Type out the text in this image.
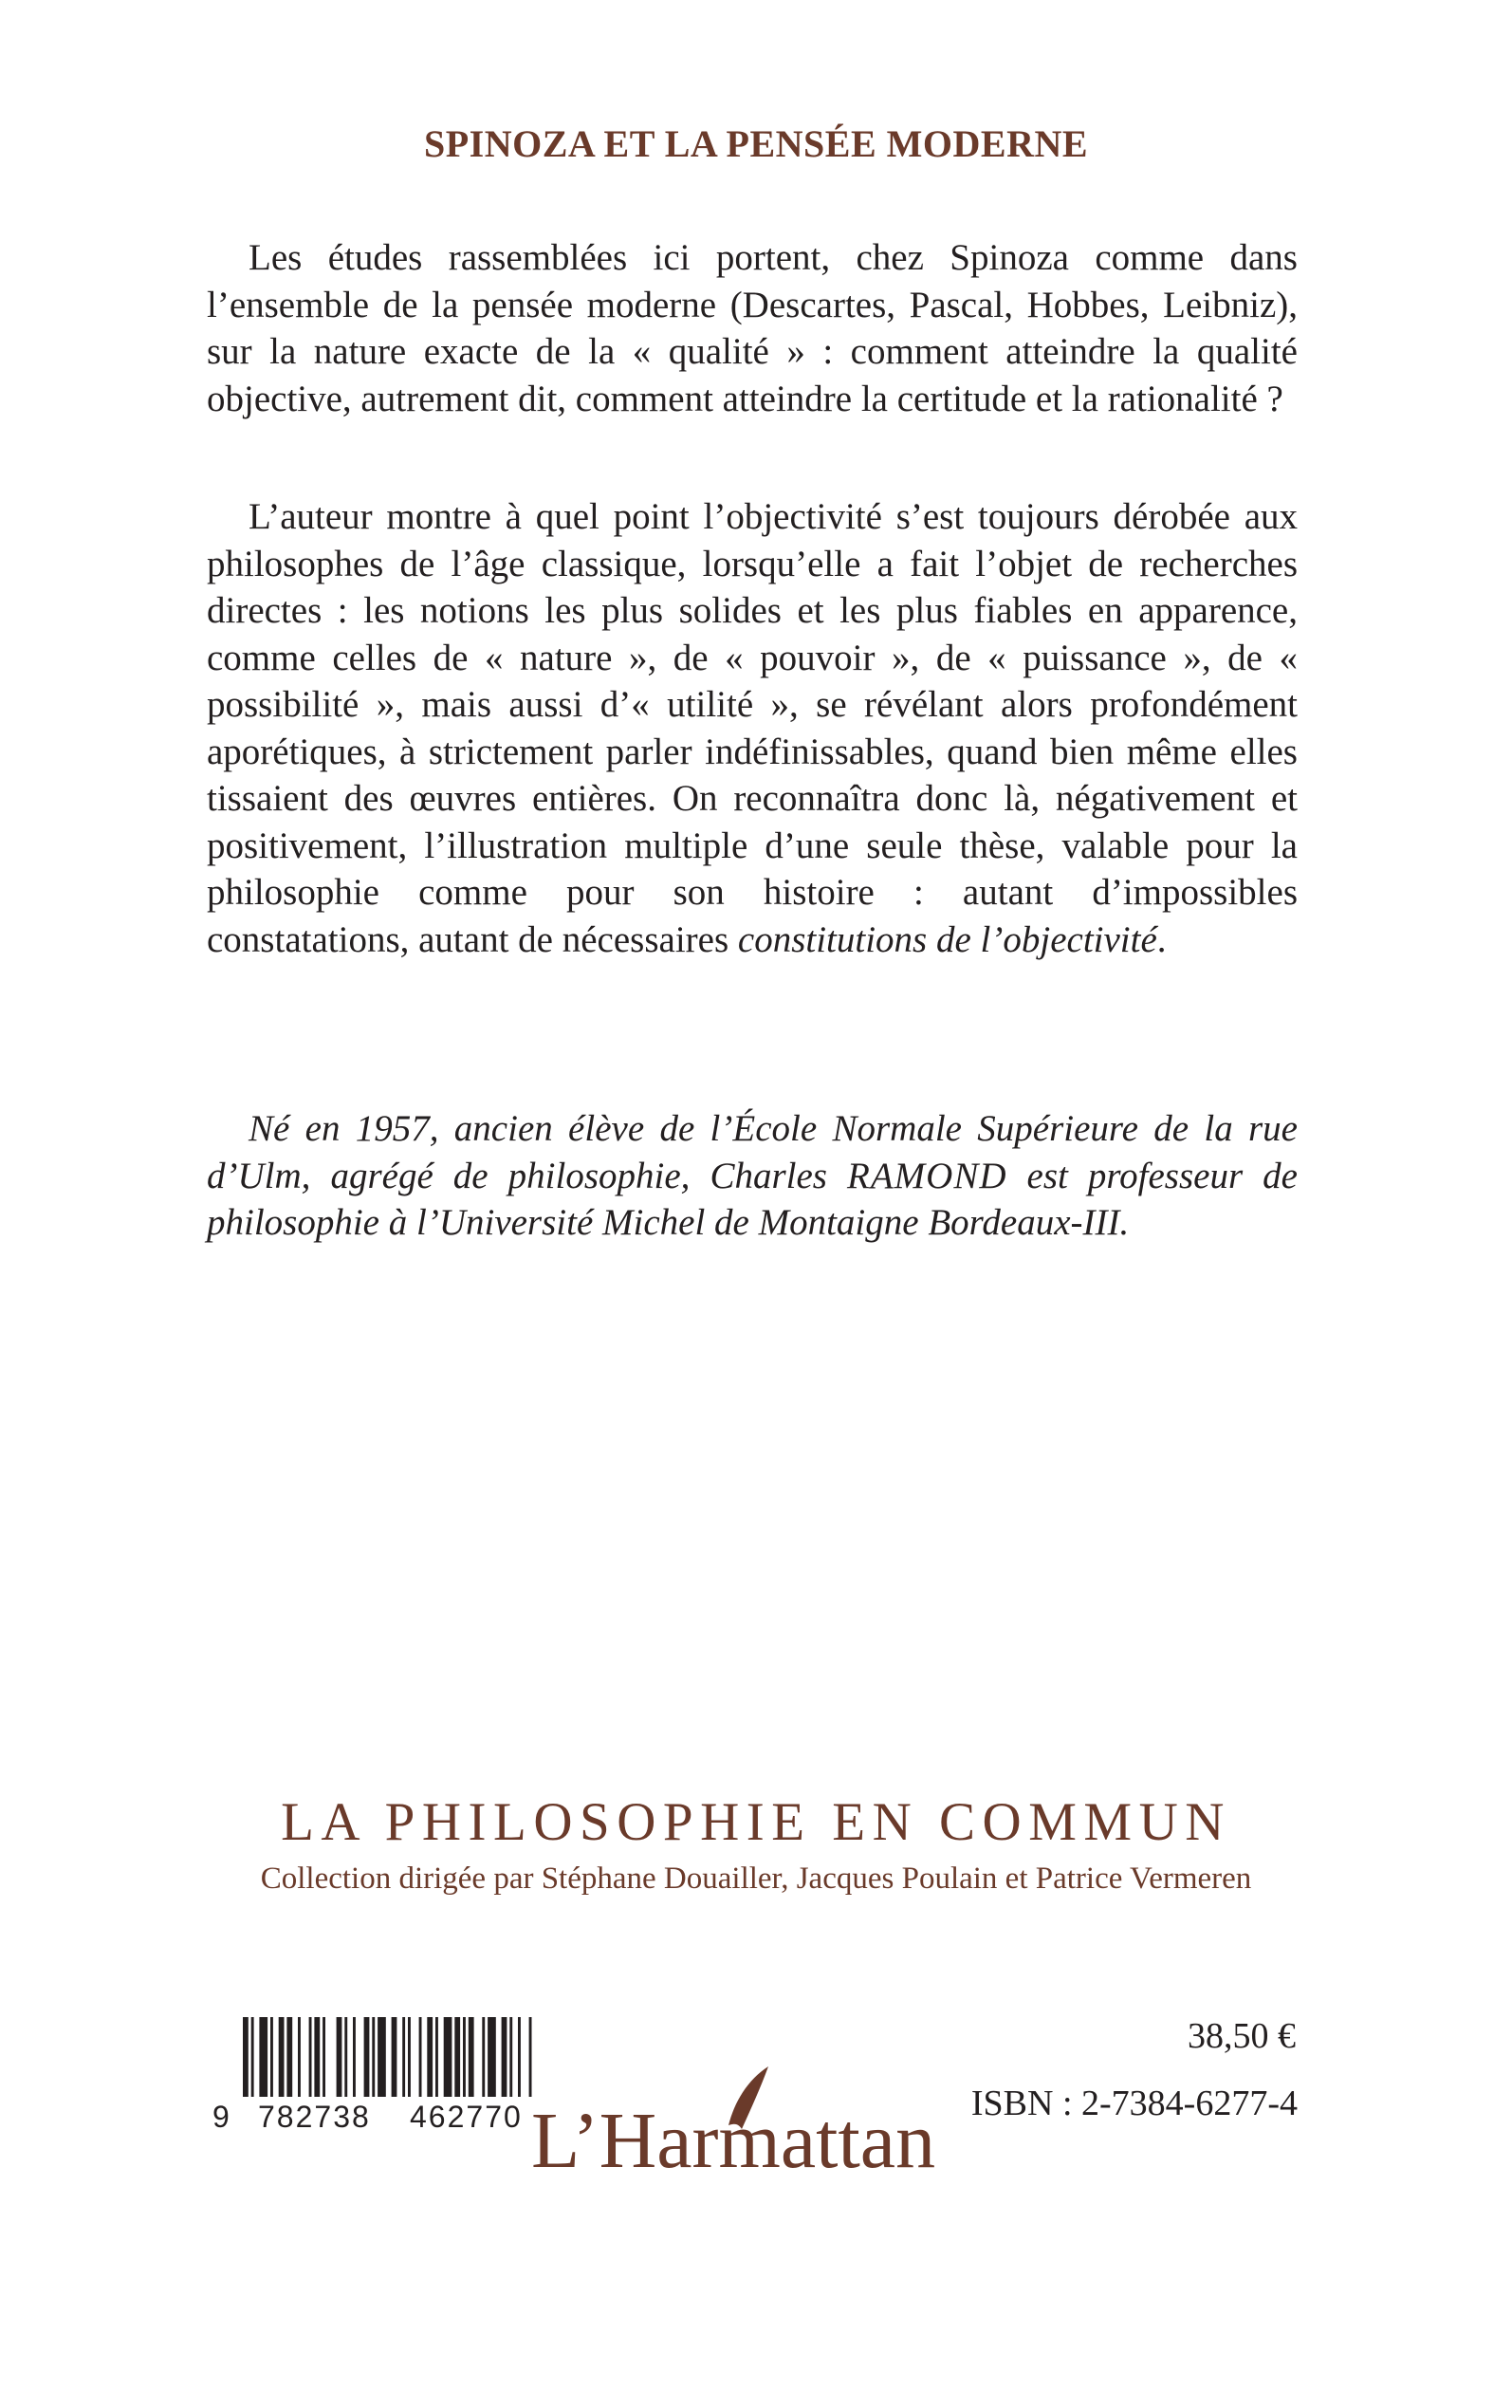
SPINOZA ET LA PENSÉE MODERNE

Les études rassemblées ici portent, chez Spinoza comme dans l’ensemble de la pensée moderne (Descartes, Pascal, Hobbes, Leibniz), sur la nature exacte de la « qualité » : comment atteindre la qualité objective, autrement dit, comment atteindre la certitude et la rationalité ?

L’auteur montre à quel point l’objectivité s’est toujours dérobée aux philosophes de l’âge classique, lorsqu’elle a fait l’objet de recherches directes : les notions les plus solides et les plus fiables en apparence, comme celles de « nature », de « pouvoir », de « puissance », de « possibilité », mais aussi d’« utilité », se révélant alors profondément aporétiques, à strictement parler indéfinissables, quand bien même elles tissaient des œuvres entières. On reconnaîtra donc là, négativement et positivement, l’illustration multiple d’une seule thèse, valable pour la philosophie comme pour son histoire : autant d’impossibles constatations, autant de nécessaires constitutions de l’objectivité.

Né en 1957, ancien élève de l’École Normale Supérieure de la rue d’Ulm, agrégé de philosophie, Charles RAMOND est professeur de philosophie à l’Université Michel de Montaigne Bordeaux-III.

LA PHILOSOPHIE EN COMMUN
Collection dirigée par Stéphane Douailler, Jacques Poulain et Patrice Vermeren
9 782738 462770
38,50 €
ISBN : 2-7384-6277-4
L’Harmattan
